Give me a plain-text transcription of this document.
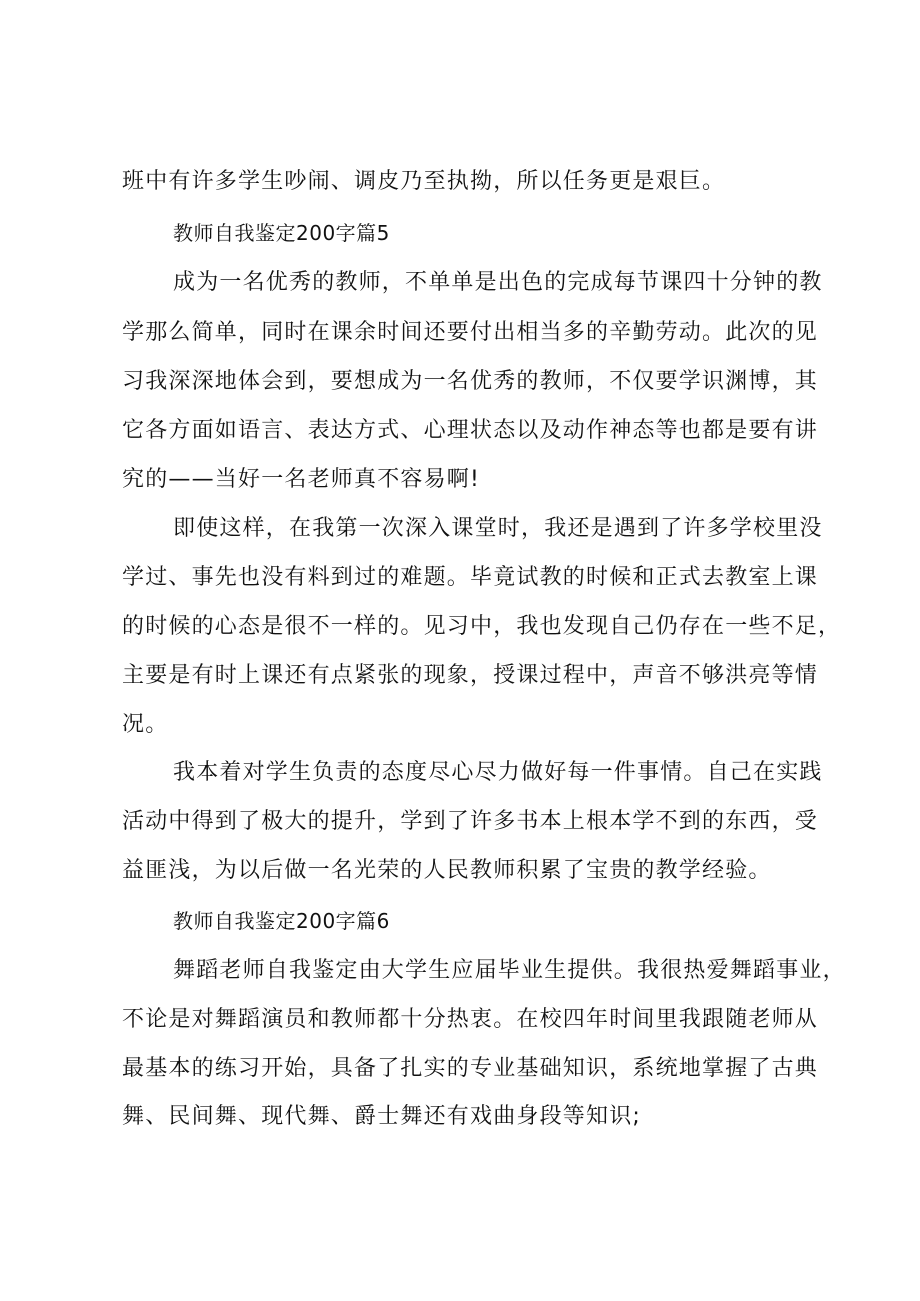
班中有许多学生吵闹、调皮乃至执拗，所以任务更是艰巨。
教师自我鉴定200字篇5
成为一名优秀的教师，不单单是出色的完成每节课四十分钟的教
学那么简单，同时在课余时间还要付出相当多的辛勤劳动。此次的见
习我深深地体会到，要想成为一名优秀的教师，不仅要学识渊博，其
它各方面如语言、表达方式、心理状态以及动作神态等也都是要有讲
究的——当好一名老师真不容易啊!
即使这样，在我第一次深入课堂时，我还是遇到了许多学校里没
学过、事先也没有料到过的难题。毕竟试教的时候和正式去教室上课
的时候的心态是很不一样的。见习中，我也发现自己仍存在一些不足，
主要是有时上课还有点紧张的现象，授课过程中，声音不够洪亮等情
况。
我本着对学生负责的态度尽心尽力做好每一件事情。自己在实践
活动中得到了极大的提升，学到了许多书本上根本学不到的东西，受
益匪浅，为以后做一名光荣的人民教师积累了宝贵的教学经验。
教师自我鉴定200字篇6
舞蹈老师自我鉴定由大学生应届毕业生提供。我很热爱舞蹈事业，
不论是对舞蹈演员和教师都十分热衷。在校四年时间里我跟随老师从
最基本的练习开始，具备了扎实的专业基础知识，系统地掌握了古典
舞、民间舞、现代舞、爵士舞还有戏曲身段等知识;
